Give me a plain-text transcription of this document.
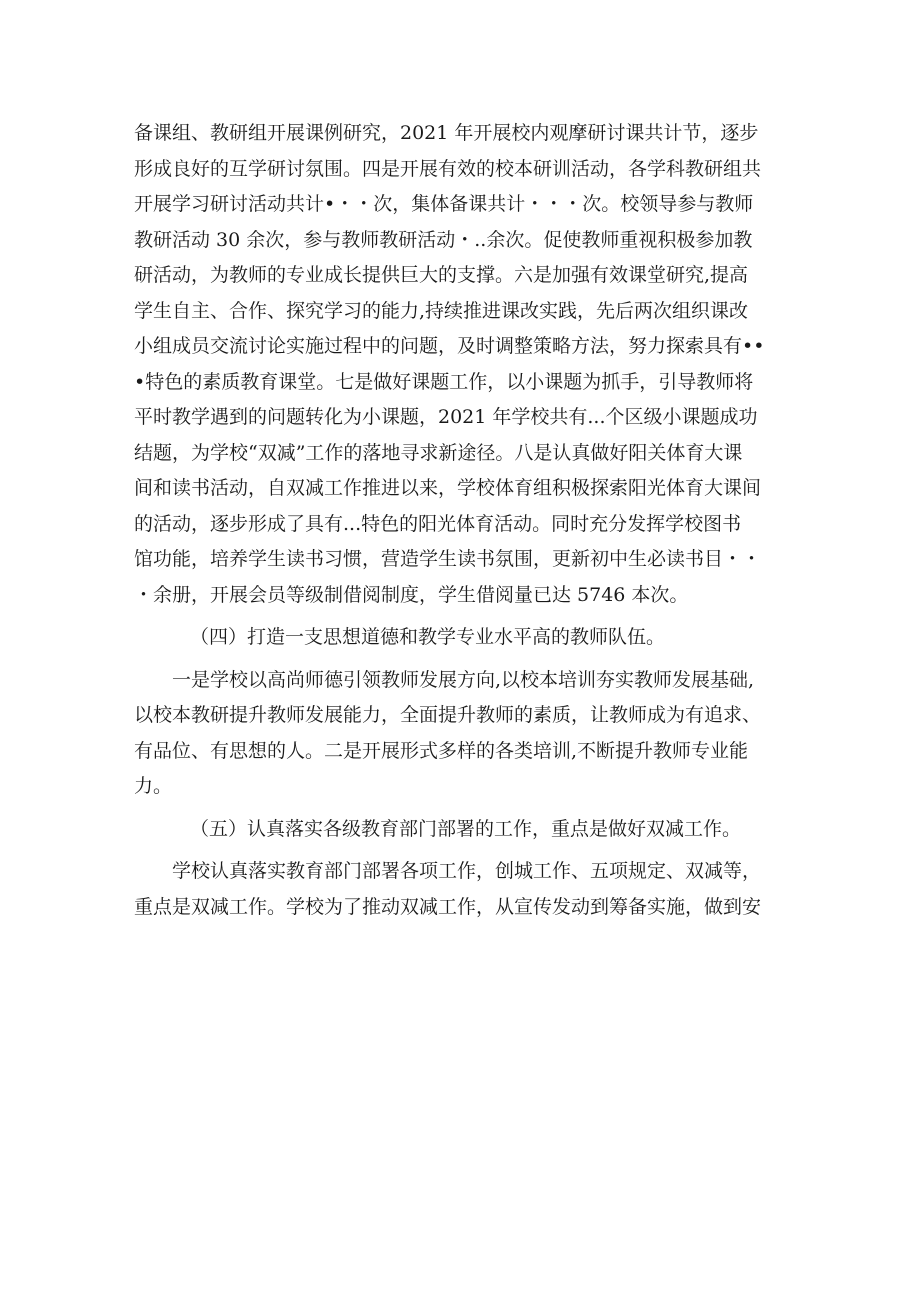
备课组、教研组开展课例研究，2021 年开展校内观摩研讨课共计节，逐步
形成良好的互学研讨氛围。四是开展有效的校本研训活动，各学科教研组共
开展学习研讨活动共计•・・次，集体备课共计・・・次。校领导参与教师
教研活动 30 余次，参与教师教研活动・..余次。促使教师重视积极参加教
研活动，为教师的专业成长提供巨大的支撑。六是加强有效课堂研究,提高
学生自主、合作、探究学习的能力,持续推进课改实践，先后两次组织课改
小组成员交流讨论实施过程中的问题，及时调整策略方法，努力探索具有••
•特色的素质教育课堂。七是做好课题工作，以小课题为抓手，引导教师将
平时教学遇到的问题转化为小课题，2021 年学校共有...个区级小课题成功
结题，为学校“双减”工作的落地寻求新途径。八是认真做好阳关体育大课
间和读书活动，自双减工作推进以来，学校体育组积极探索阳光体育大课间
的活动，逐步形成了具有...特色的阳光体育活动。同时充分发挥学校图书
馆功能，培养学生读书习惯，营造学生读书氛围，更新初中生必读书目・・
・余册，开展会员等级制借阅制度，学生借阅量已达 5746 本次。

（四）打造一支思想道德和教学专业水平高的教师队伍。

一是学校以高尚师德引领教师发展方向,以校本培训夯实教师发展基础,
以校本教研提升教师发展能力，全面提升教师的素质，让教师成为有追求、
有品位、有思想的人。二是开展形式多样的各类培训,不断提升教师专业能
力。

（五）认真落实各级教育部门部署的工作，重点是做好双减工作。

学校认真落实教育部门部署各项工作，创城工作、五项规定、双减等，
重点是双减工作。学校为了推动双减工作，从宣传发动到筹备实施，做到安
